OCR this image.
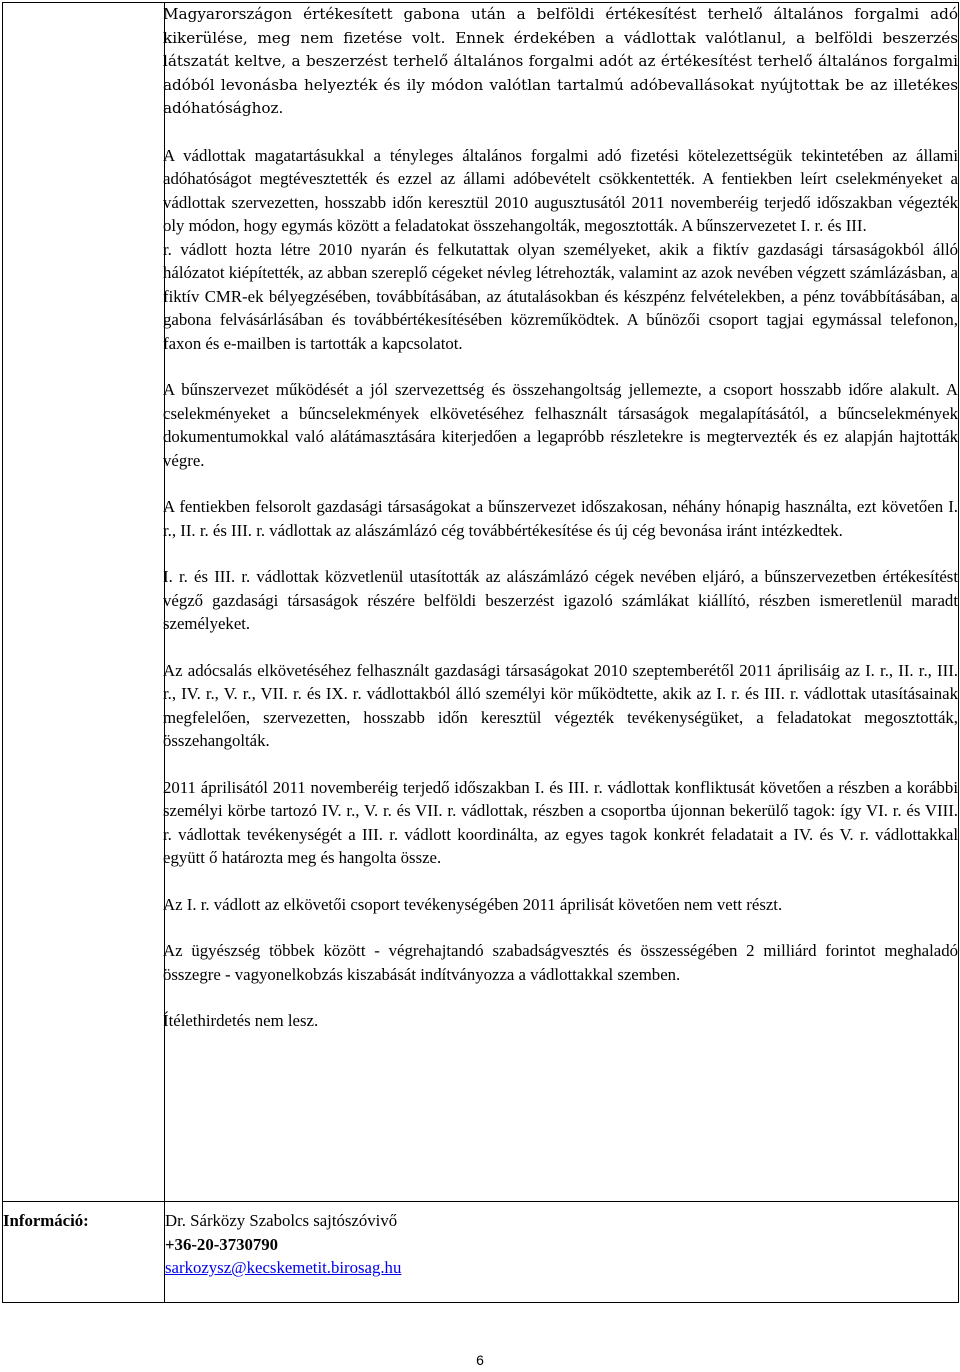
Magyarországon értékesített gabona után a belföldi értékesítést terhelő általános forgalmi adó kikerülése, meg nem fizetése volt. Ennek érdekében a vádlottak valótlanul, a belföldi beszerzés látszatát keltve, a beszerzést terhelő általános forgalmi adót az értékesítést terhelő általános forgalmi adóból levonásba helyezték és ily módon valótlan tartalmú adóbevallásokat nyújtottak be az illetékes adóhatósághoz.

A vádlottak magatartásukkal a tényleges általános forgalmi adó fizetési kötelezettségük tekintetében az állami adóhatóságot megtévesztették és ezzel az állami adóbevételt csökkentették. A fentiekben leírt cselekményeket a vádlottak szervezetten, hosszabb időn keresztül 2010 augusztusától 2011 novemberéig terjedő időszakban végezték oly módon, hogy egymás között a feladatokat összehangolták, megosztották. A bűnszervezetet I. r. és III.

r. vádlott hozta létre 2010 nyarán és felkutattak olyan személyeket, akik a fiktív gazdasági társaságokból álló hálózatot kiépítették, az abban szereplő cégeket névleg létrehozták, valamint az azok nevében végzett számlázásban, a fiktív CMR-ek bélyegzésében, továbbításában, az átutalásokban és készpénz felvételekben, a pénz továbbításában, a gabona felvásárlásában és továbbértékesítésében közreműködtek. A bűnözői csoport tagjai egymással telefonon, faxon és e-mailben is tartották a kapcsolatot.

A bűnszervezet működését a jól szervezettség és összehangoltság jellemezte, a csoport hosszabb időre alakult. A cselekményeket a bűncselekmények elkövetéséhez felhasznált társaságok megalapításától, a bűncselekmények dokumentumokkal való alátámasztására kiterjedően a legapróbb részletekre is megtervezték és ez alapján hajtották végre.

A fentiekben felsorolt gazdasági társaságokat a bűnszervezet időszakosan, néhány hónapig használta, ezt követően I. r., II. r. és III. r. vádlottak az alászámlázó cég továbbértékesítése és új cég bevonása iránt intézkedtek.

I. r. és III. r. vádlottak közvetlenül utasították az alászámlázó cégek nevében eljáró, a bűnszervezetben értékesítést végző gazdasági társaságok részére belföldi beszerzést igazoló számlákat kiállító, részben ismeretlenül maradt személyeket.

Az adócsalás elkövetéséhez felhasznált gazdasági társaságokat 2010 szeptemberétől 2011 áprilisáig az I. r., II. r., III. r., IV. r., V. r., VII. r. és IX. r. vádlottakból álló személyi kör működtette, akik az I. r. és III. r. vádlottak utasításainak megfelelően, szervezetten, hosszabb időn keresztül végezték tevékenységüket, a feladatokat megosztották, összehangolták.

2011 áprilisától 2011 novemberéig terjedő időszakban I. és III. r. vádlottak konfliktusát követően a részben a korábbi személyi körbe tartozó IV. r., V. r. és VII. r. vádlottak, részben a csoportba újonnan bekerülő tagok: így VI. r. és VIII. r. vádlottak tevékenységét a III. r. vádlott koordinálta, az egyes tagok konkrét feladatait a IV. és V. r. vádlottakkal együtt ő határozta meg és hangolta össze.

Az I. r. vádlott az elkövetői csoport tevékenységében 2011 áprilisát követően nem vett részt.

Az ügyészség többek között - végrehajtandó szabadságvesztés és összességében 2 milliárd forintot meghaladó összegre - vagyonelkobzás kiszabását indítványozza a vádlottakkal szemben.

Ítélethirdetés nem lesz.

Információ:	Dr. Sárközy Szabolcs sajtószóvivő
+36-20-3730790
sarkozysz@kecskemetit.birosag.hu
6
